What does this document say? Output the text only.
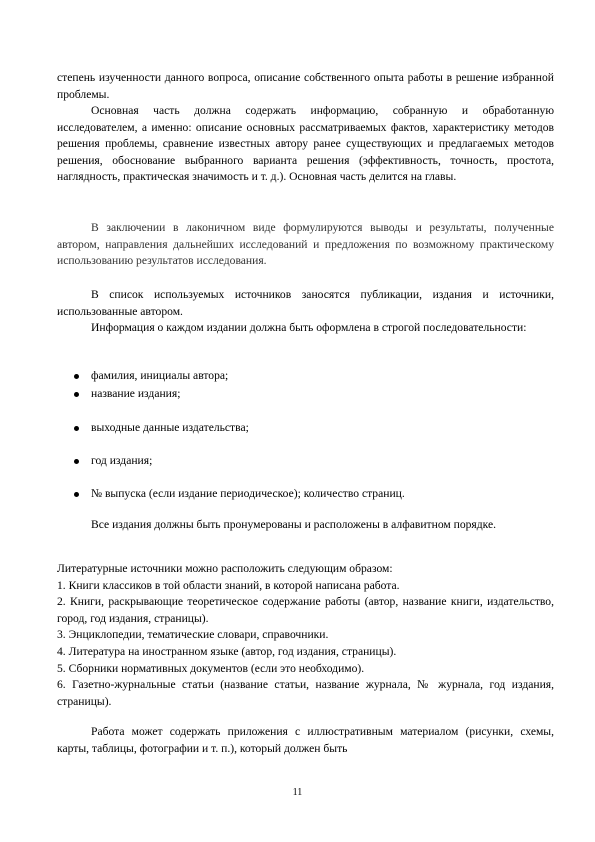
степень изученности данного вопроса, описание собственного опыта работы в решение избранной проблемы.

Основная часть должна содержать информацию, собранную и обработанную исследователем, а именно: описание основных рассматриваемых фактов, характеристику методов решения проблемы, сравнение известных автору ранее существующих и предлагаемых методов решения, обоснование выбранного варианта решения (эффективность, точность, простота, наглядность, практическая значимость и т. д.). Основная часть делится на главы.

В заключении в лаконичном виде формулируются выводы и результаты, полученные автором, направления дальнейших исследований и предложения по возможному практическому использованию результатов исследования.

В список используемых источников заносятся публикации, издания и источники, использованные автором.

Информация о каждом издании должна быть оформлена в строгой последовательности:

фамилия, инициалы автора;
название издания;
выходные данные издательства;
год издания;
№ выпуска (если издание периодическое); количество страниц.

Все издания должны быть пронумерованы и расположены в алфавитном порядке.

Литературные источники можно расположить следующим образом:

1. Книги классиков в той области знаний, в которой написана работа.

2. Книги, раскрывающие теоретическое содержание работы (автор, название книги, издательство, город, год издания, страницы).

3. Энциклопедии, тематические словари, справочники.

4. Литература на иностранном языке (автор, год издания, страницы).

5. Сборники нормативных документов (если это необходимо).

6. Газетно-журнальные статьи (название статьи, название журнала, № журнала, год издания, страницы).

Работа может содержать приложения с иллюстративным материалом (рисунки, схемы, карты, таблицы, фотографии и т. п.), который должен быть

11
